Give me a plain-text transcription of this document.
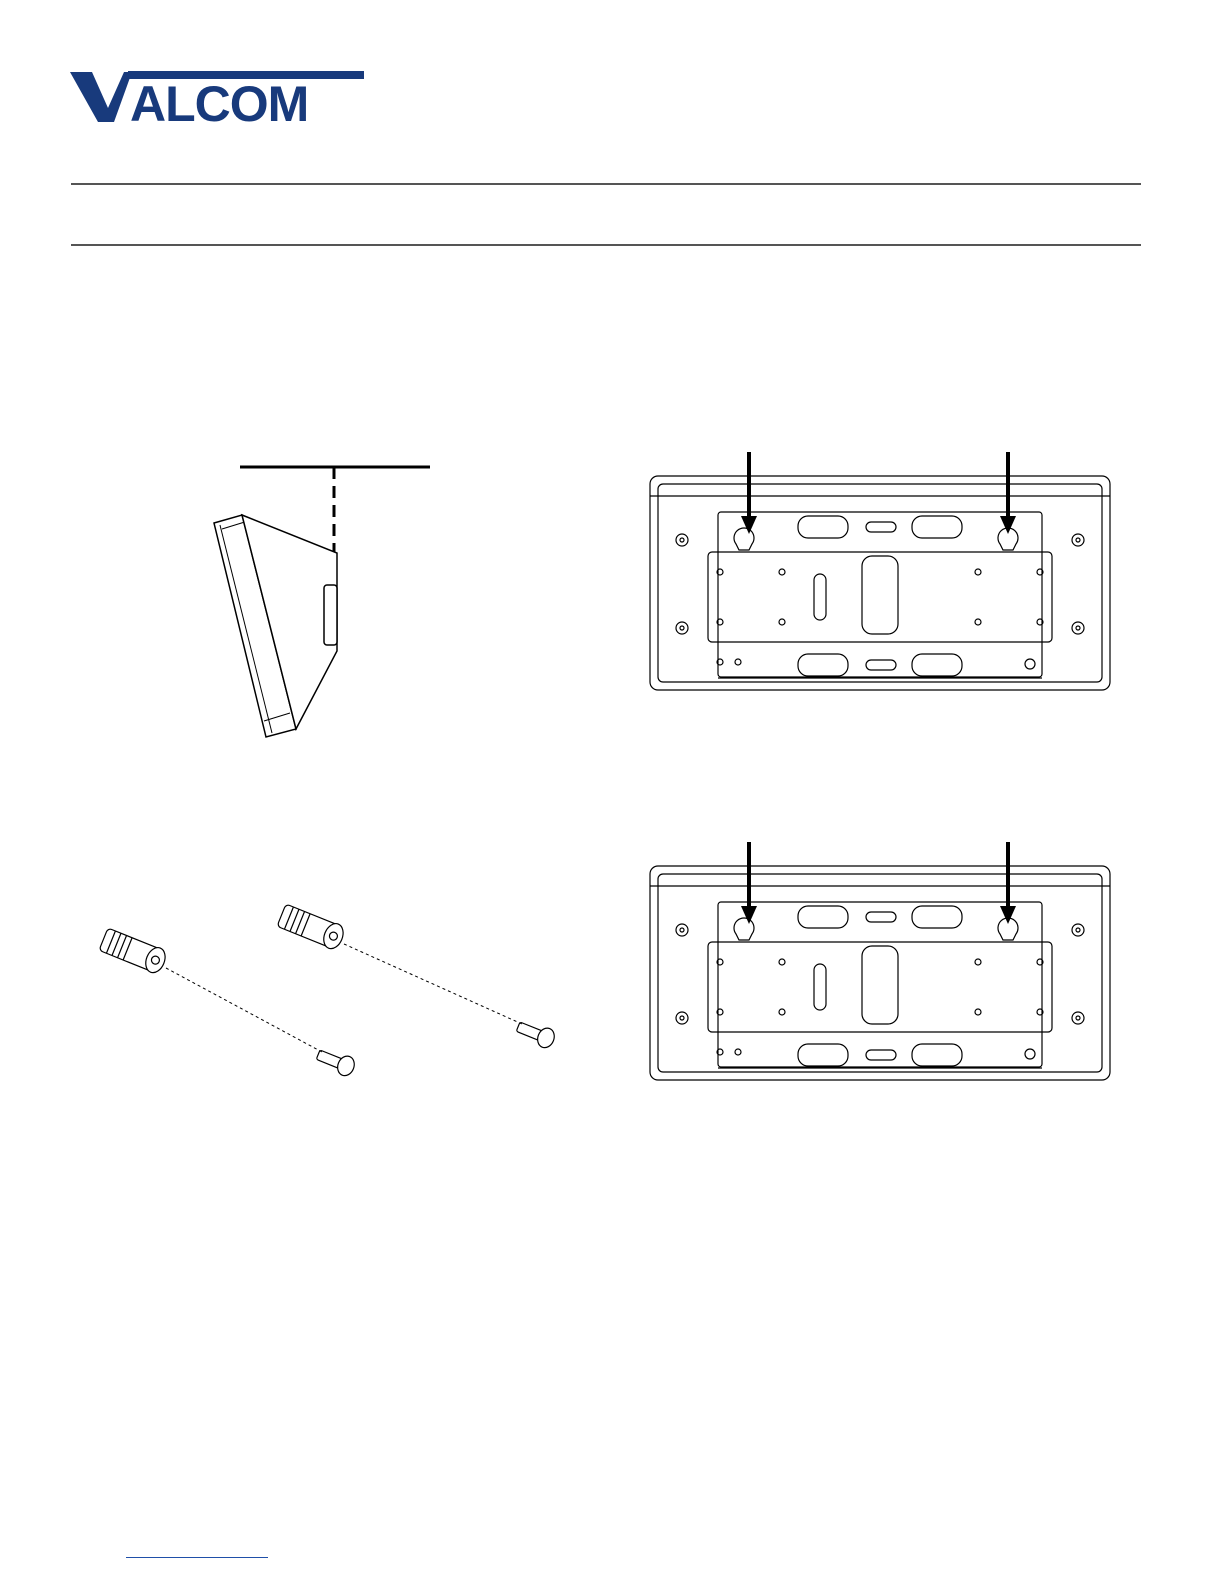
ALCOM
